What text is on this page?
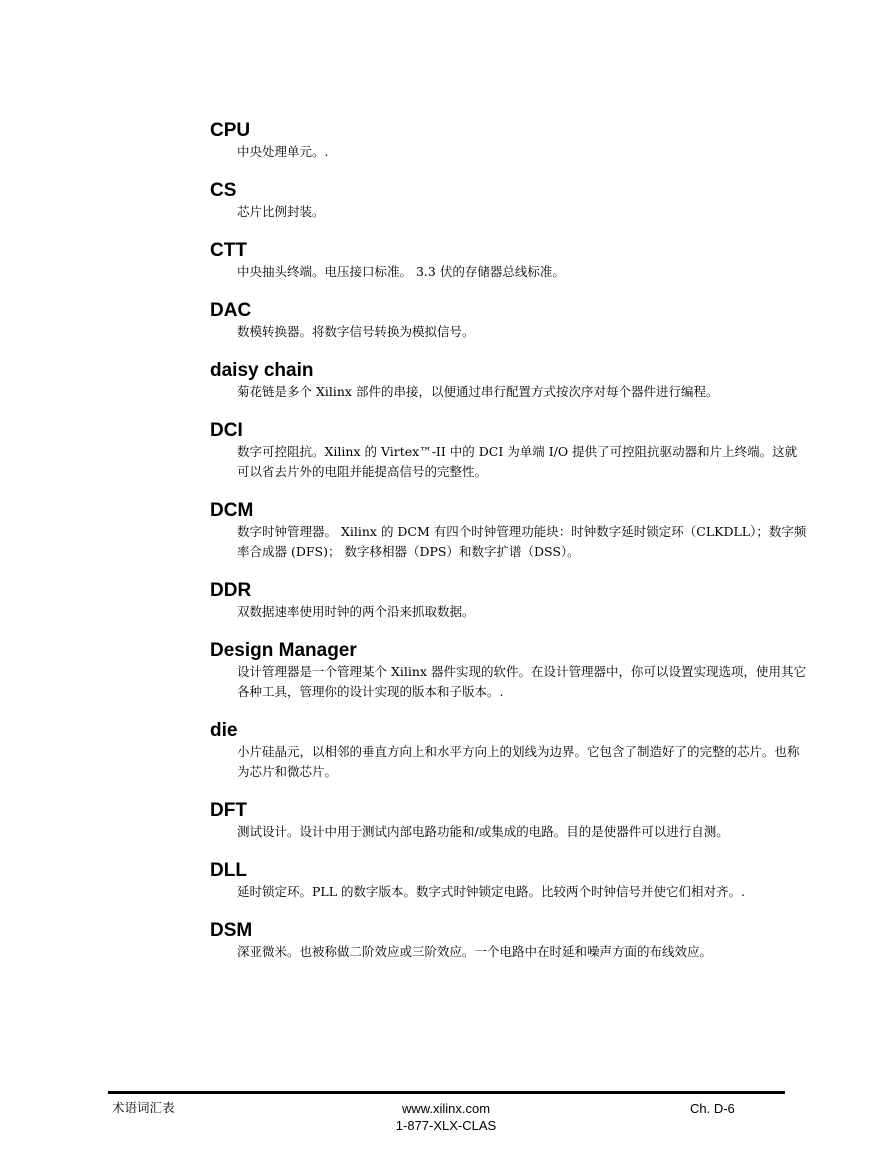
CPU
中央处理单元。.
CS
芯片比例封装。
CTT
中央抽头终端。电压接口标准。 3.3 伏的存储器总线标准。
DAC
数模转换器。将数字信号转换为模拟信号。
daisy chain
菊花链是多个 Xilinx 部件的串接，以便通过串行配置方式按次序对每个器件进行编程。
DCI
数字可控阻抗。Xilinx 的 Virtex™-II 中的 DCI 为单端 I/O 提供了可控阻抗驱动器和片上终端。这就可以省去片外的电阻并能提高信号的完整性。
DCM
数字时钟管理器。 Xilinx 的 DCM 有四个时钟管理功能块：时钟数字延时锁定环（CLKDLL）；数字频率合成器 (DFS)； 数字移相器（DPS）和数字扩谱（DSS）。
DDR
双数据速率使用时钟的两个沿来抓取数据。
Design Manager
设计管理器是一个管理某个 Xilinx 器件实现的软件。在设计管理器中，你可以设置实现选项，使用其它各种工具，管理你的设计实现的版本和子版本。.
die
小片硅晶元，以相邻的垂直方向上和水平方向上的划线为边界。它包含了制造好了的完整的芯片。也称为芯片和微芯片。
DFT
测试设计。设计中用于测试内部电路功能和/或集成的电路。目的是使器件可以进行自测。
DLL
延时锁定环。PLL 的数字版本。数字式时钟锁定电路。比较两个时钟信号并使它们相对齐。.
DSM
深亚微米。也被称做二阶效应或三阶效应。一个电路中在时延和噪声方面的布线效应。
术语词汇表	www.xilinx.com
1-877-XLX-CLAS
Ch. D-6
